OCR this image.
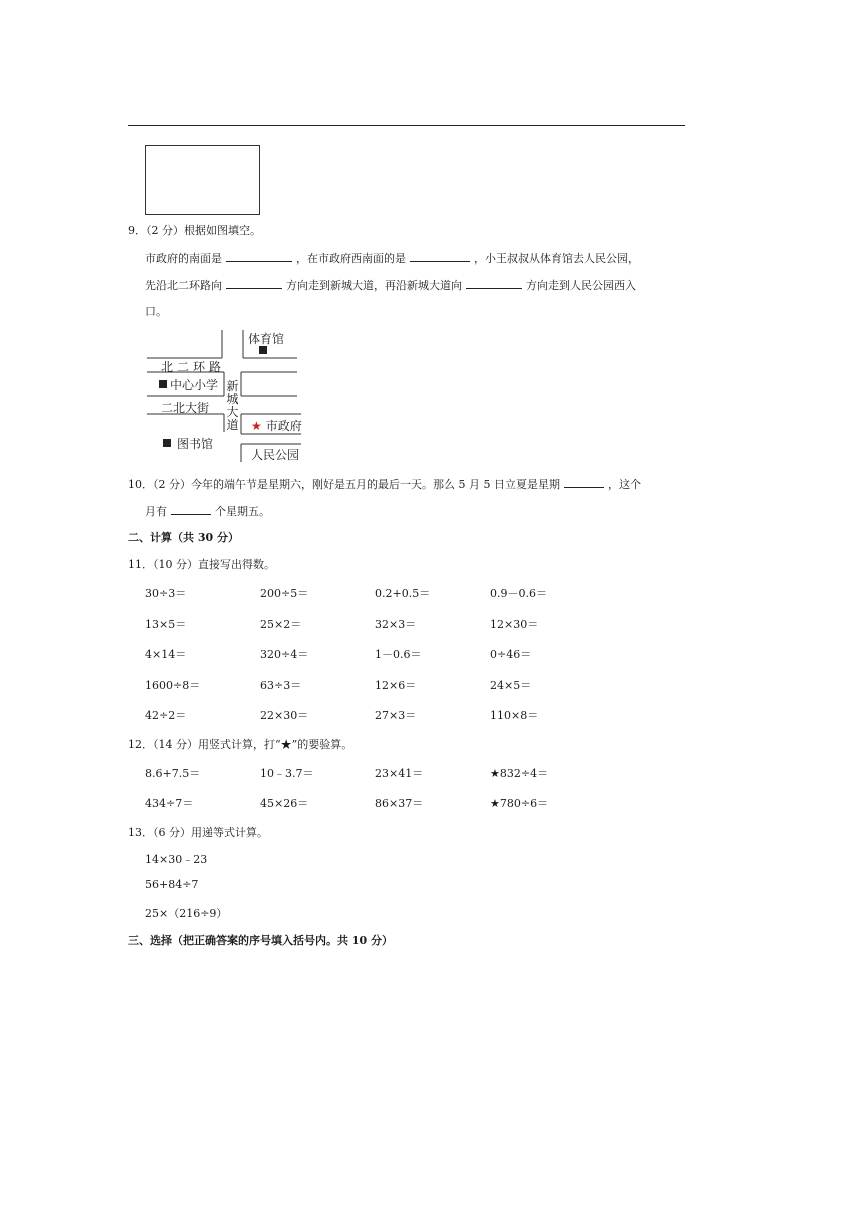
9．（2 分）根据如图填空。
市政府的南面是	，在市政府西南面的是	，小王叔叔从体育馆去人民公园，
先沿北二环路向	方向走到新城大道，再沿新城大道向	方向走到人民公园西入
口。
体育馆
北二环路
中心小学 新
城
大
道
二北大街
★ 市政府
图书馆
人民公园
10．（2 分）今年的端午节是星期六，刚好是五月的最后一天。那么 5 月 5 日立夏是星期	，这个
月有	个星期五。
二、计算（共 30 分）
11．（10 分）直接写出得数。
30÷3＝	200÷5＝	0.2+0.5＝	0.9－0.6＝
13×5＝	25×2＝	32×3＝	12×30＝
4×14＝	320÷4＝	1－0.6＝	0÷46＝
1600÷8＝	63÷3＝	12×6＝	24×5＝
42÷2＝	22×30＝	27×3＝	110×8＝
12．（14 分）用竖式计算，打“★”的要验算。
8.6+7.5＝	10﹣3.7＝	23×41＝	★832÷4＝
434÷7＝	45×26＝	86×37＝	★780÷6＝
13．（6 分）用递等式计算。
14×30﹣23
56+84÷7
25×（216÷9）
三、选择（把正确答案的序号填入括号内。共 10 分）
